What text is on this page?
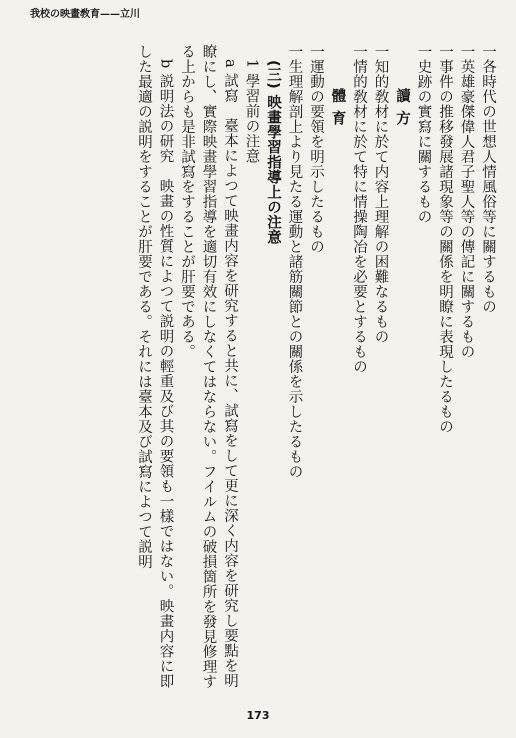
我校の映畫敎育——立川

一各時代の世想人情風俗等に關するもの

一英雄豪傑偉人君子聖人等の傳記に關するもの

一事件の推移發展諸現象等の關係を明瞭に表現したるもの

一史跡の實寫に關するもの

讀方

一知的敎材に於て内容上理解の困難なるもの

一情的敎材に於て特に情操陶冶を必要とするもの

體育

一運動の要領を明示したるもの

一生理解剖上より見たる運動と諸筋關節との關係を示したるもの

(三) 映畫學習指導上の注意

1 學習前の注意

a 試寫　臺本によつて映畫内容を研究すると共に、試寫をして更に深く内容を研究し要點を明瞭にし、實際映畫學習指導を適切有效にしなくてはならない。フイルムの破損箇所を發見修理する上からも是非試寫をすることが肝要である。

b 説明法の研究　映畫の性質によつて説明の輕重及び其の要領も一樣ではない。映畫内容に即した最適の説明をすることが肝要である。それには臺本及び試寫によつて説明

173
